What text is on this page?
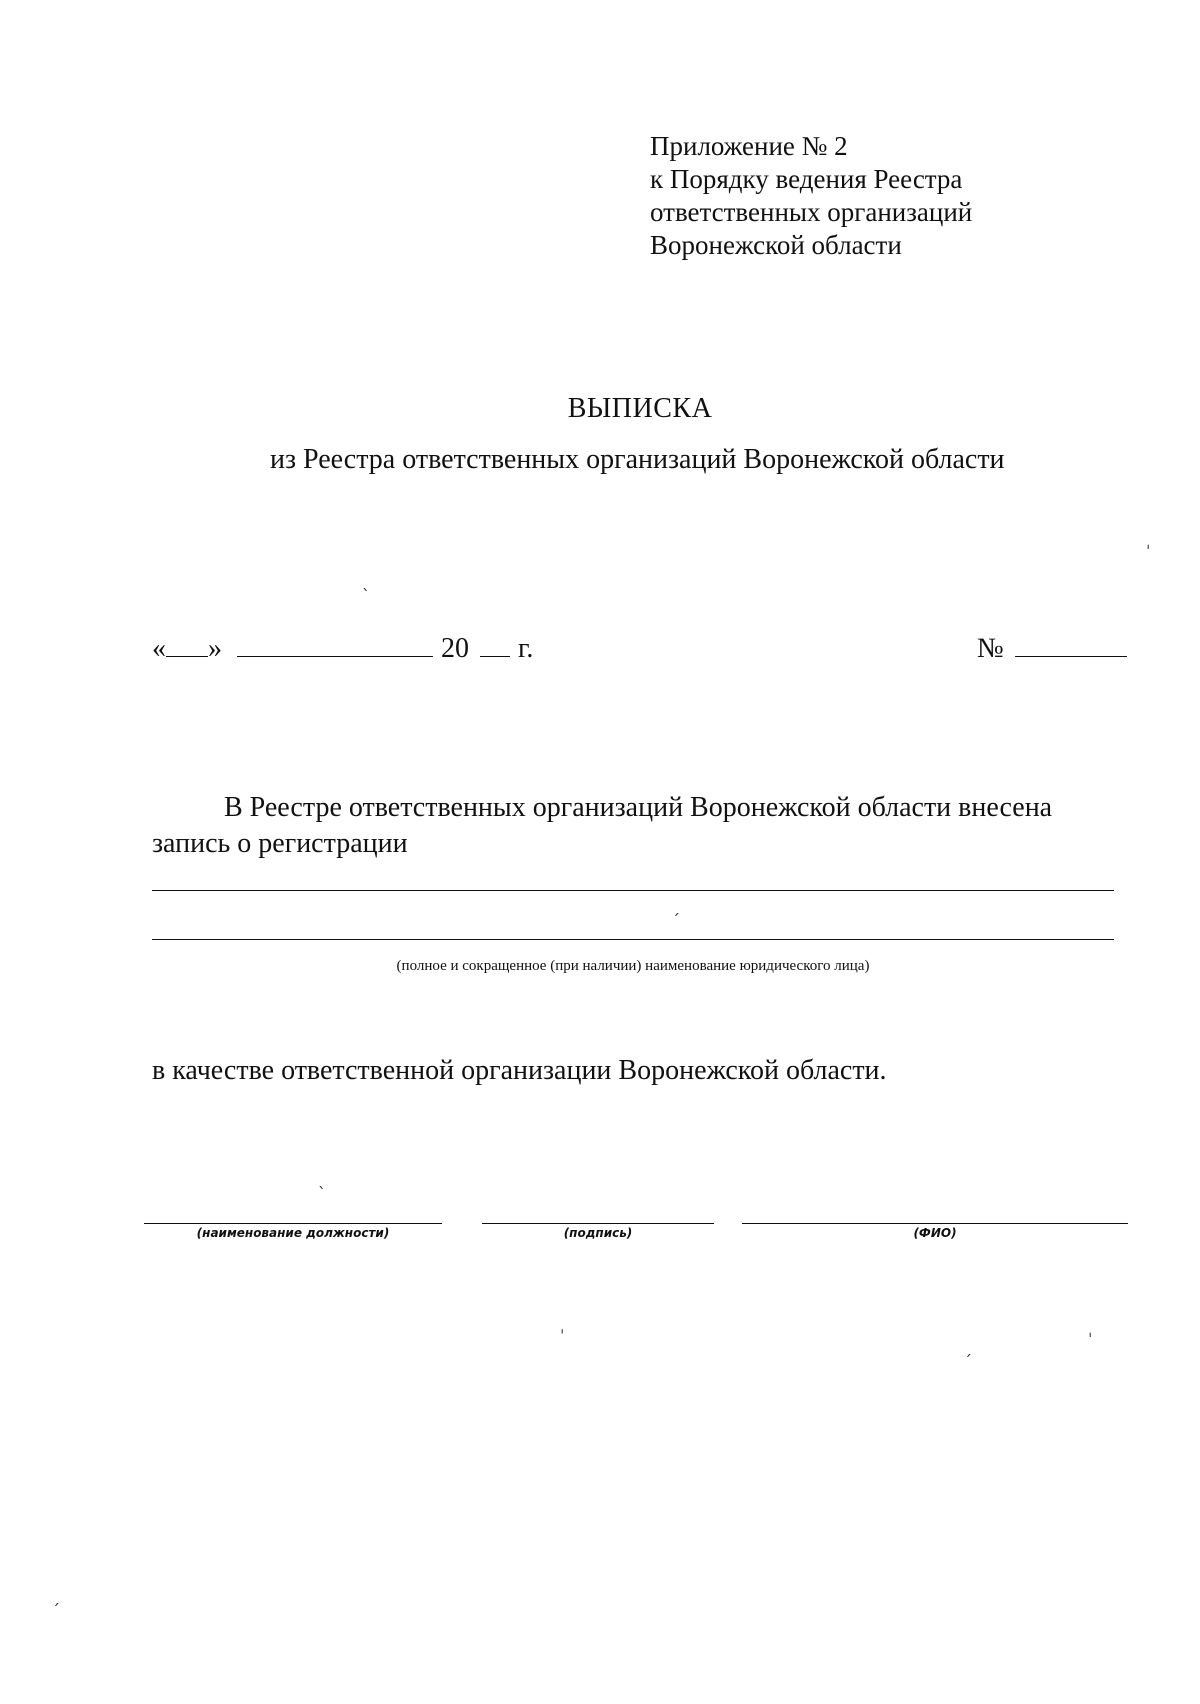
Приложение № 2
к Порядку ведения Реестра
ответственных организаций
Воронежской области
ВЫПИСКА
из Реестра ответственных организаций Воронежской области
« »	20 г.	№
В Реестре ответственных организаций Воронежской области внесена
запись о регистрации
(полное и сокращенное (при наличии) наименование юридического лица)
в качестве ответственной организации Воронежской области.
(наименование должности)	(подпись)	(ФИО)
ˈ
ˋ
ˏ
ˎ
ˌ
ˏ	ˈ
ˏ
